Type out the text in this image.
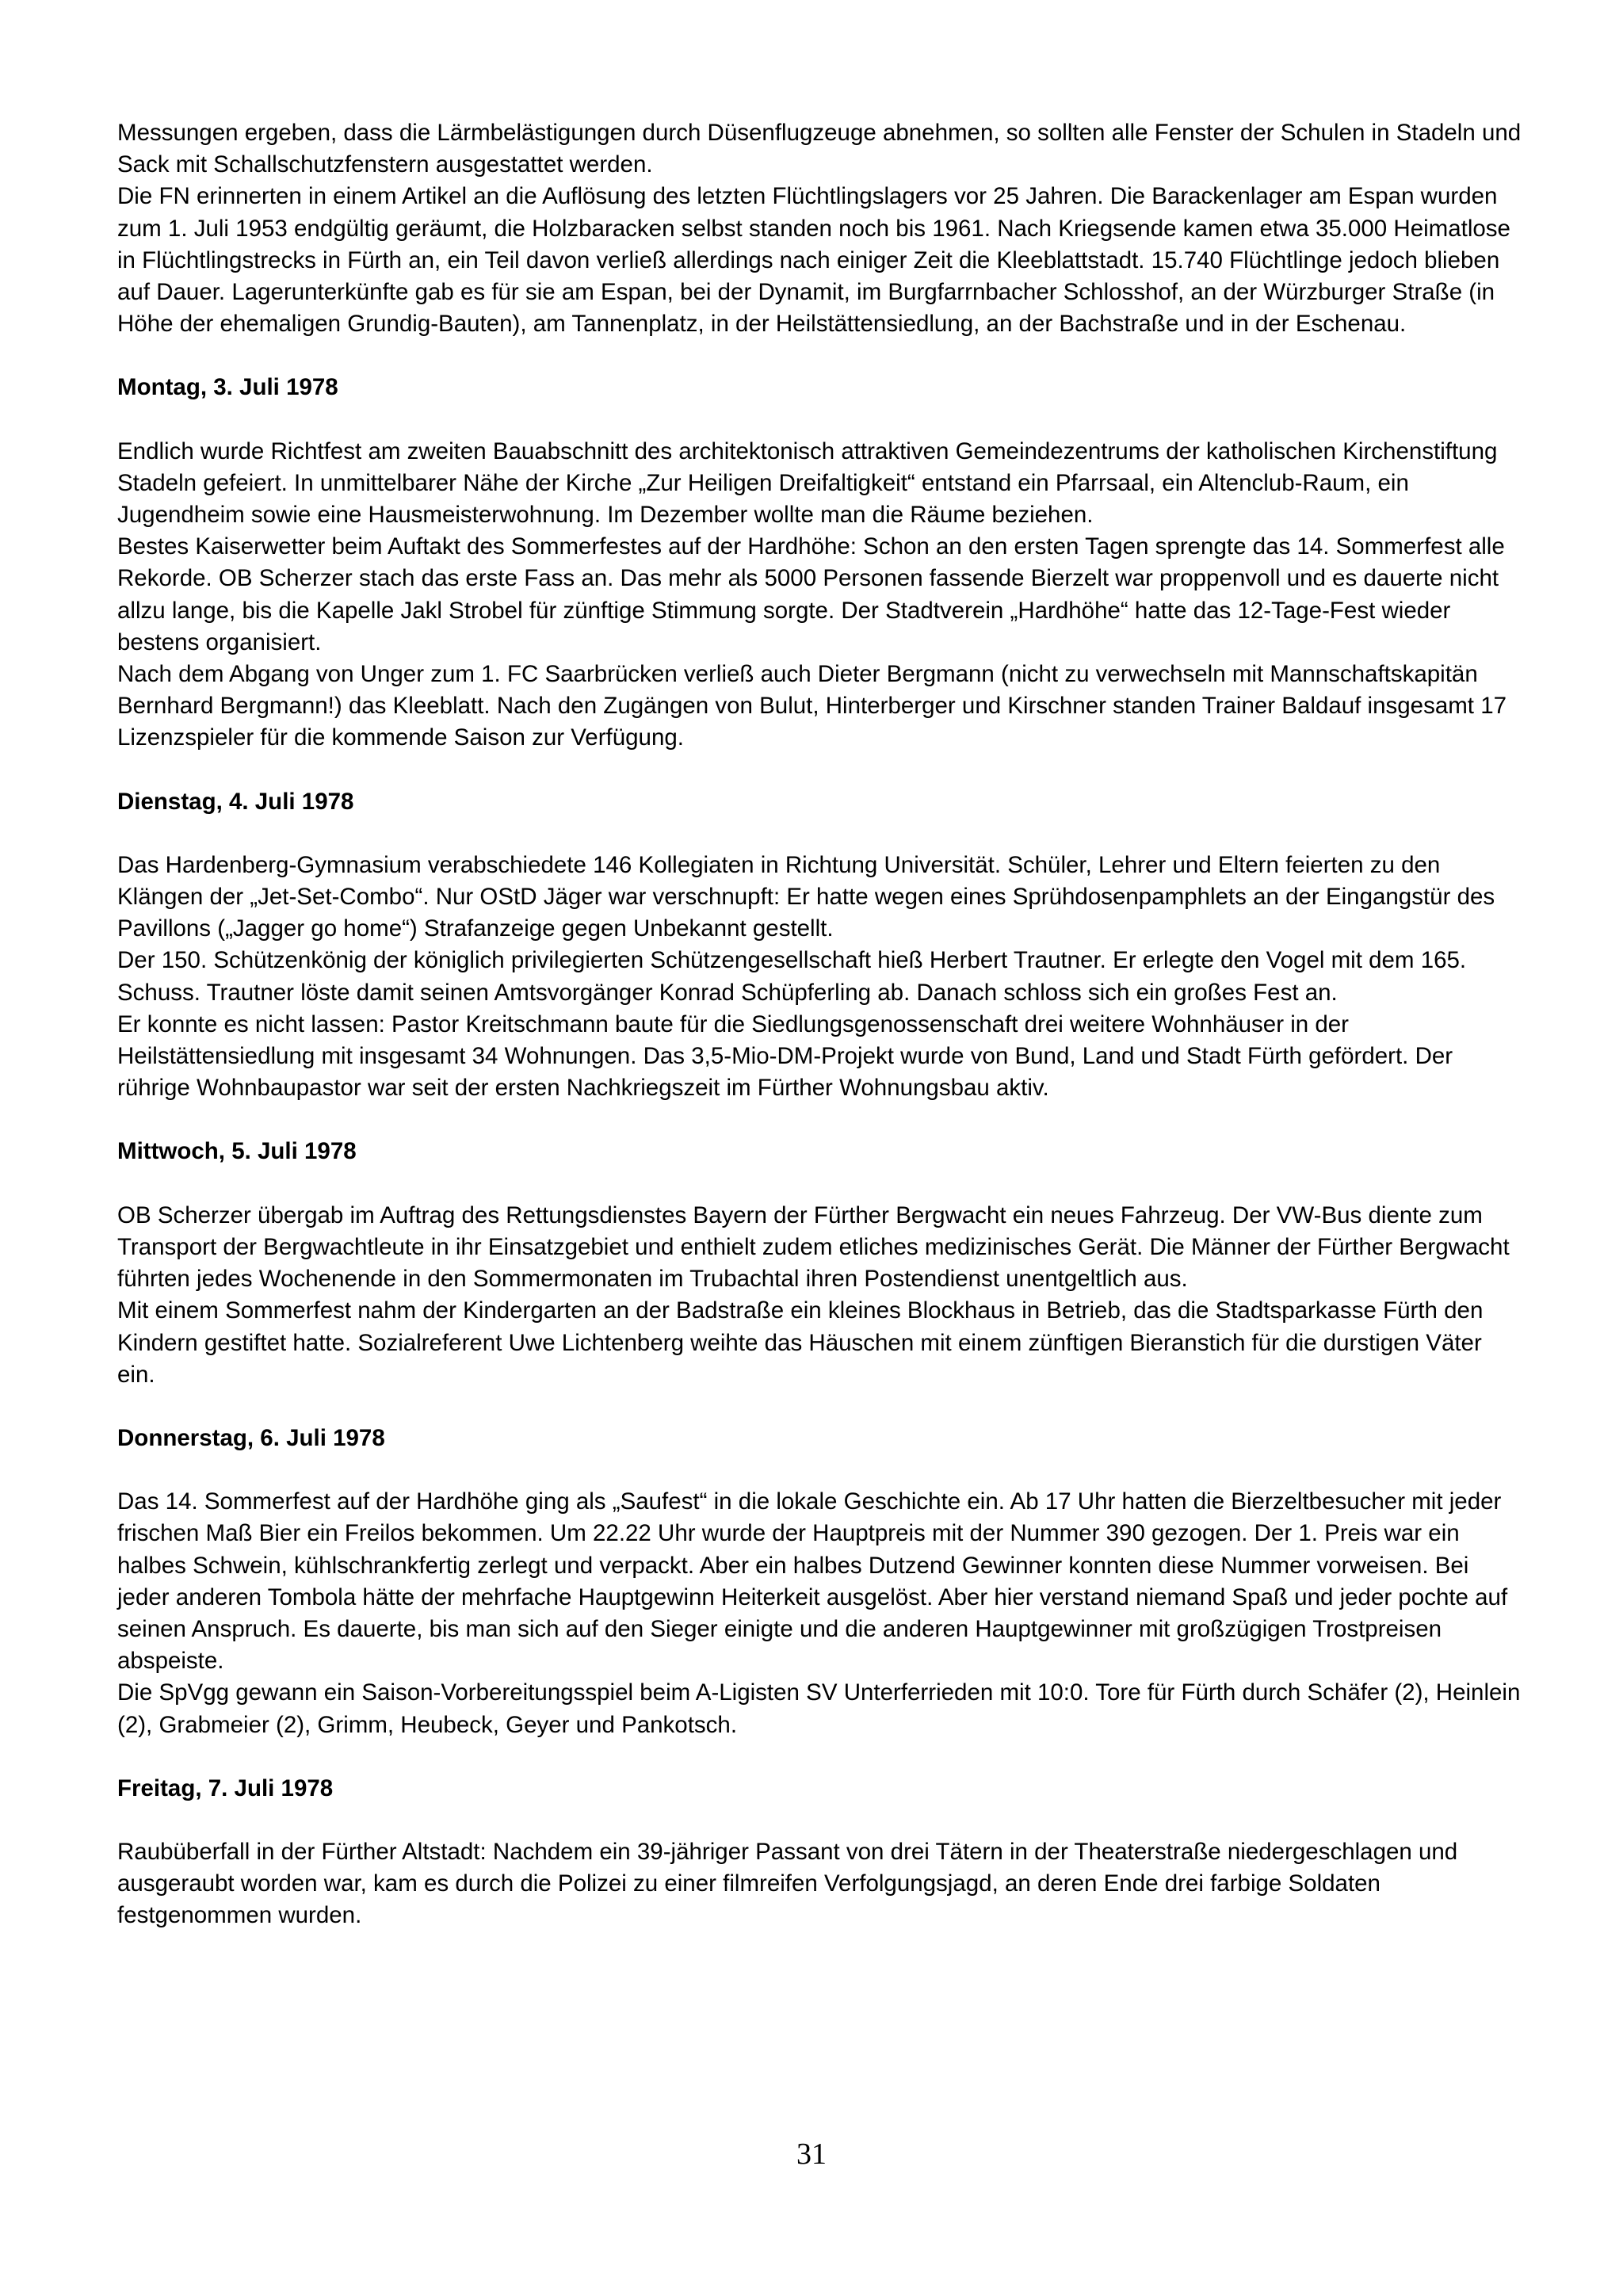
Messungen ergeben, dass die Lärmbelästigungen durch Düsenflugzeuge abnehmen, so sollten alle Fenster der Schulen in Stadeln und Sack mit Schallschutzfenstern ausgestattet werden.

Die FN erinnerten in einem Artikel an die Auflösung des letzten Flüchtlingslagers vor 25 Jahren. Die Barackenlager am Espan wurden zum 1. Juli 1953 endgültig geräumt, die Holzbaracken selbst standen noch bis 1961. Nach Kriegsende kamen etwa 35.000 Heimatlose in Flüchtlingstrecks in Fürth an, ein Teil davon verließ allerdings nach einiger Zeit die Kleeblattstadt. 15.740 Flüchtlinge jedoch blieben auf Dauer. Lagerunterkünfte gab es für sie am Espan, bei der Dynamit, im Burgfarrnbacher Schlosshof, an der Würzburger Straße (in Höhe der ehemaligen Grundig-Bauten), am Tannenplatz, in der Heilstättensiedlung, an der Bachstraße und in der Eschenau.

Montag, 3. Juli 1978

Endlich wurde Richtfest am zweiten Bauabschnitt des architektonisch attraktiven Gemeindezentrums der katholischen Kirchenstiftung Stadeln gefeiert. In unmittelbarer Nähe der Kirche „Zur Heiligen Dreifaltigkeit“ entstand ein Pfarrsaal, ein Altenclub-Raum, ein Jugendheim sowie eine Hausmeisterwohnung. Im Dezember wollte man die Räume beziehen.

Bestes Kaiserwetter beim Auftakt des Sommerfestes auf der Hardhöhe: Schon an den ersten Tagen sprengte das 14. Sommerfest alle Rekorde. OB Scherzer stach das erste Fass an. Das mehr als 5000 Personen fassende Bierzelt war proppenvoll und es dauerte nicht allzu lange, bis die Kapelle Jakl Strobel für zünftige Stimmung sorgte. Der Stadtverein „Hardhöhe“ hatte das 12-Tage-Fest wieder bestens organisiert.

Nach dem Abgang von Unger zum 1. FC Saarbrücken verließ auch Dieter Bergmann (nicht zu verwechseln mit Mannschaftskapitän Bernhard Bergmann!) das Kleeblatt. Nach den Zugängen von Bulut, Hinterberger und Kirschner standen Trainer Baldauf insgesamt 17 Lizenzspieler für die kommende Saison zur Verfügung.

Dienstag, 4. Juli 1978

Das Hardenberg-Gymnasium verabschiedete 146 Kollegiaten in Richtung Universität. Schüler, Lehrer und Eltern feierten zu den Klängen der „Jet-Set-Combo“. Nur OStD Jäger war verschnupft: Er hatte wegen eines Sprühdosenpamphlets an der Eingangstür des Pavillons („Jagger go home“) Strafanzeige gegen Unbekannt gestellt.

Der 150. Schützenkönig der königlich privilegierten Schützengesellschaft hieß Herbert Trautner. Er erlegte den Vogel mit dem 165. Schuss. Trautner löste damit seinen Amtsvorgänger Konrad Schüpferling ab. Danach schloss sich ein großes Fest an.

Er konnte es nicht lassen: Pastor Kreitschmann baute für die Siedlungsgenossenschaft drei weitere Wohnhäuser in der Heilstättensiedlung mit insgesamt 34 Wohnungen. Das 3,5-Mio-DM-Projekt wurde von Bund, Land und Stadt Fürth gefördert. Der rührige Wohnbaupastor war seit der ersten Nachkriegszeit im Fürther Wohnungsbau aktiv.

Mittwoch, 5. Juli 1978

OB Scherzer übergab im Auftrag des Rettungsdienstes Bayern der Fürther Bergwacht ein neues Fahrzeug. Der VW-Bus diente zum Transport der Bergwachtleute in ihr Einsatzgebiet und enthielt zudem etliches medizinisches Gerät. Die Männer der Fürther Bergwacht führten jedes Wochenende in den Sommermonaten im Trubachtal ihren Postendienst unentgeltlich aus.

Mit einem Sommerfest nahm der Kindergarten an der Badstraße ein kleines Blockhaus in Betrieb, das die Stadtsparkasse Fürth den Kindern gestiftet hatte. Sozialreferent Uwe Lichtenberg weihte das Häuschen mit einem zünftigen Bieranstich für die durstigen Väter ein.

Donnerstag, 6. Juli 1978

Das 14. Sommerfest auf der Hardhöhe ging als „Saufest“ in die lokale Geschichte ein. Ab 17 Uhr hatten die Bierzeltbesucher mit jeder frischen Maß Bier ein Freilos bekommen. Um 22.22 Uhr wurde der Hauptpreis mit der Nummer 390 gezogen. Der 1. Preis war ein halbes Schwein, kühlschrankfertig zerlegt und verpackt. Aber ein halbes Dutzend Gewinner konnten diese Nummer vorweisen. Bei jeder anderen Tombola hätte der mehrfache Hauptgewinn Heiterkeit ausgelöst. Aber hier verstand niemand Spaß und jeder pochte auf seinen Anspruch. Es dauerte, bis man sich auf den Sieger einigte und die anderen Hauptgewinner mit großzügigen Trostpreisen abspeiste.

Die SpVgg gewann ein Saison-Vorbereitungsspiel beim A-Ligisten SV Unterferrieden mit 10:0. Tore für Fürth durch Schäfer (2), Heinlein (2), Grabmeier (2), Grimm, Heubeck, Geyer und Pankotsch.

Freitag, 7. Juli 1978

Raubüberfall in der Fürther Altstadt: Nachdem ein 39-jähriger Passant von drei Tätern in der Theaterstraße niedergeschlagen und ausgeraubt worden war, kam es durch die Polizei zu einer filmreifen Verfolgungsjagd, an deren Ende drei farbige Soldaten festgenommen wurden.

31
